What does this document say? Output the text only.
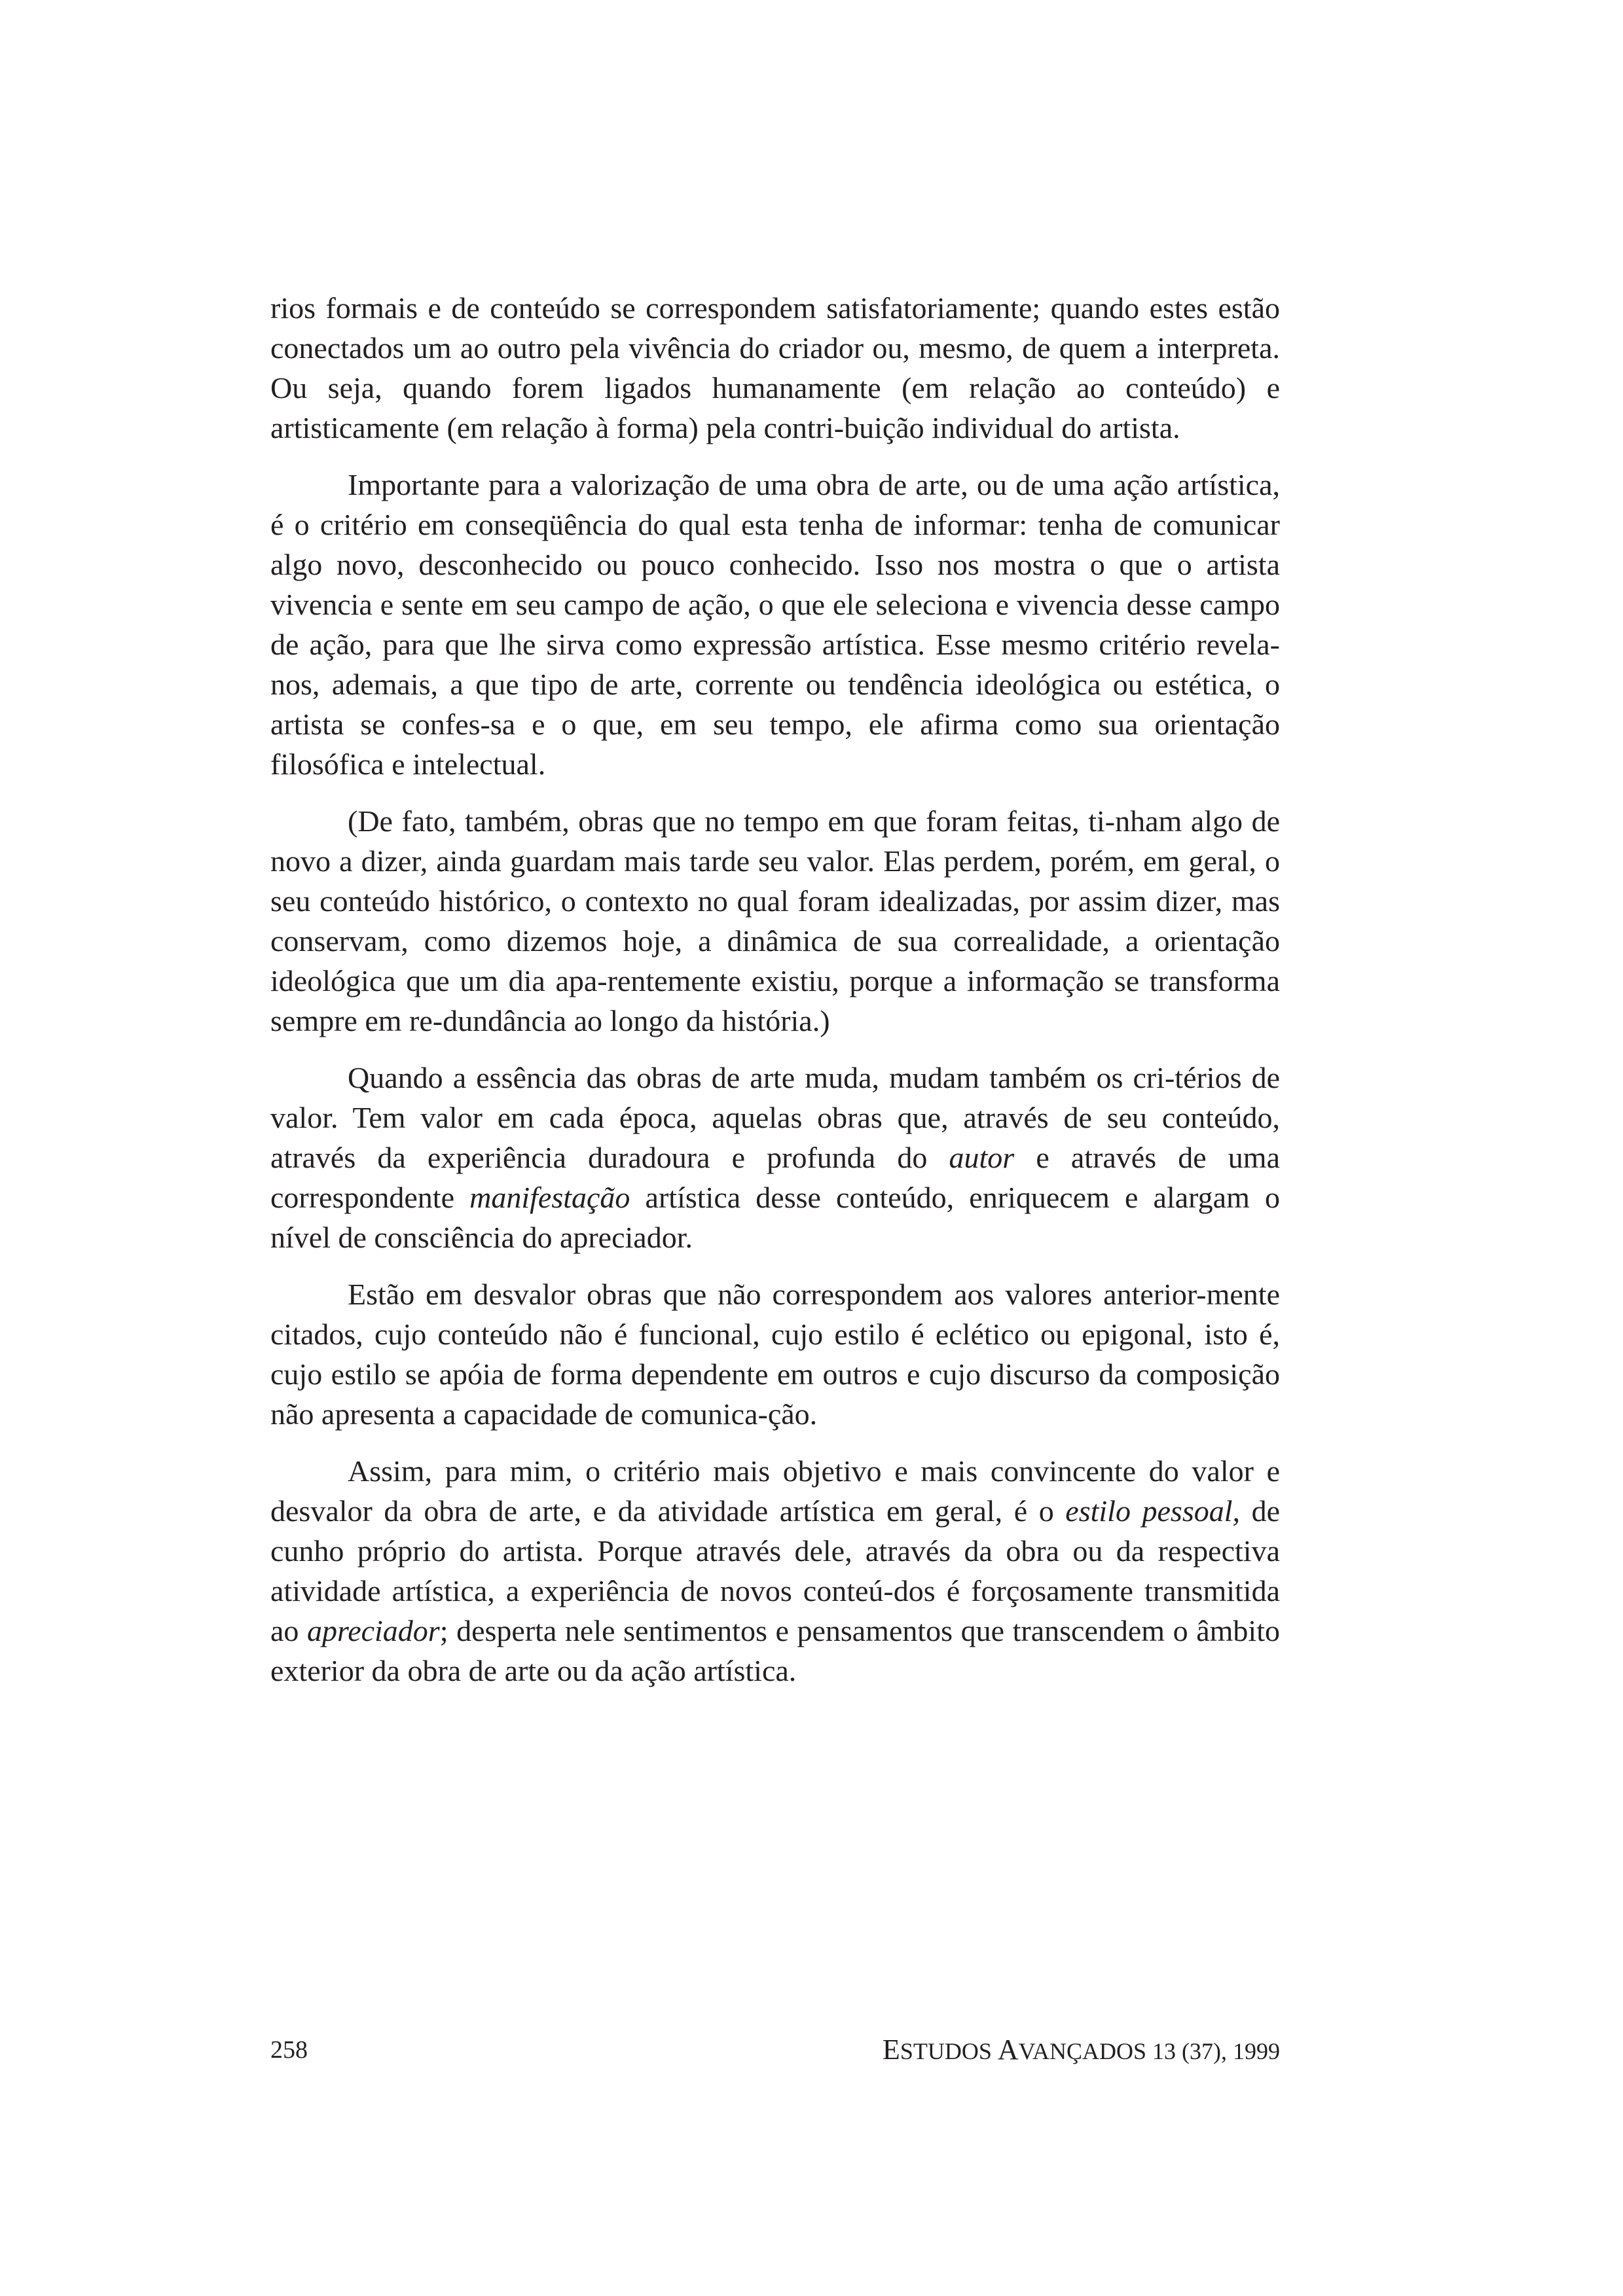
rios formais e de conteúdo se correspondem satisfatoriamente; quando estes estão conectados um ao outro pela vivência do criador ou, mesmo, de quem a interpreta. Ou seja, quando forem ligados humanamente (em relação ao conteúdo) e artisticamente (em relação à forma) pela contri-buição individual do artista.

Importante para a valorização de uma obra de arte, ou de uma ação artística, é o critério em conseqüência do qual esta tenha de informar: tenha de comunicar algo novo, desconhecido ou pouco conhecido. Isso nos mostra o que o artista vivencia e sente em seu campo de ação, o que ele seleciona e vivencia desse campo de ação, para que lhe sirva como expressão artística. Esse mesmo critério revela-nos, ademais, a que tipo de arte, corrente ou tendência ideológica ou estética, o artista se confes-sa e o que, em seu tempo, ele afirma como sua orientação filosófica e intelectual.

(De fato, também, obras que no tempo em que foram feitas, ti-nham algo de novo a dizer, ainda guardam mais tarde seu valor. Elas perdem, porém, em geral, o seu conteúdo histórico, o contexto no qual foram idealizadas, por assim dizer, mas conservam, como dizemos hoje, a dinâmica de sua correalidade, a orientação ideológica que um dia apa-rentemente existiu, porque a informação se transforma sempre em re-dundância ao longo da história.)

Quando a essência das obras de arte muda, mudam também os cri-térios de valor. Tem valor em cada época, aquelas obras que, através de seu conteúdo, através da experiência duradoura e profunda do autor e através de uma correspondente manifestação artística desse conteúdo, enriquecem e alargam o nível de consciência do apreciador.

Estão em desvalor obras que não correspondem aos valores anterior-mente citados, cujo conteúdo não é funcional, cujo estilo é eclético ou epigonal, isto é, cujo estilo se apóia de forma dependente em outros e cujo discurso da composição não apresenta a capacidade de comunica-ção.

Assim, para mim, o critério mais objetivo e mais convincente do valor e desvalor da obra de arte, e da atividade artística em geral, é o estilo pessoal, de cunho próprio do artista. Porque através dele, através da obra ou da respectiva atividade artística, a experiência de novos conteú-dos é forçosamente transmitida ao apreciador; desperta nele sentimentos e pensamentos que transcendem o âmbito exterior da obra de arte ou da ação artística.

258	ESTUDOS AVANÇADOS 13 (37), 1999
